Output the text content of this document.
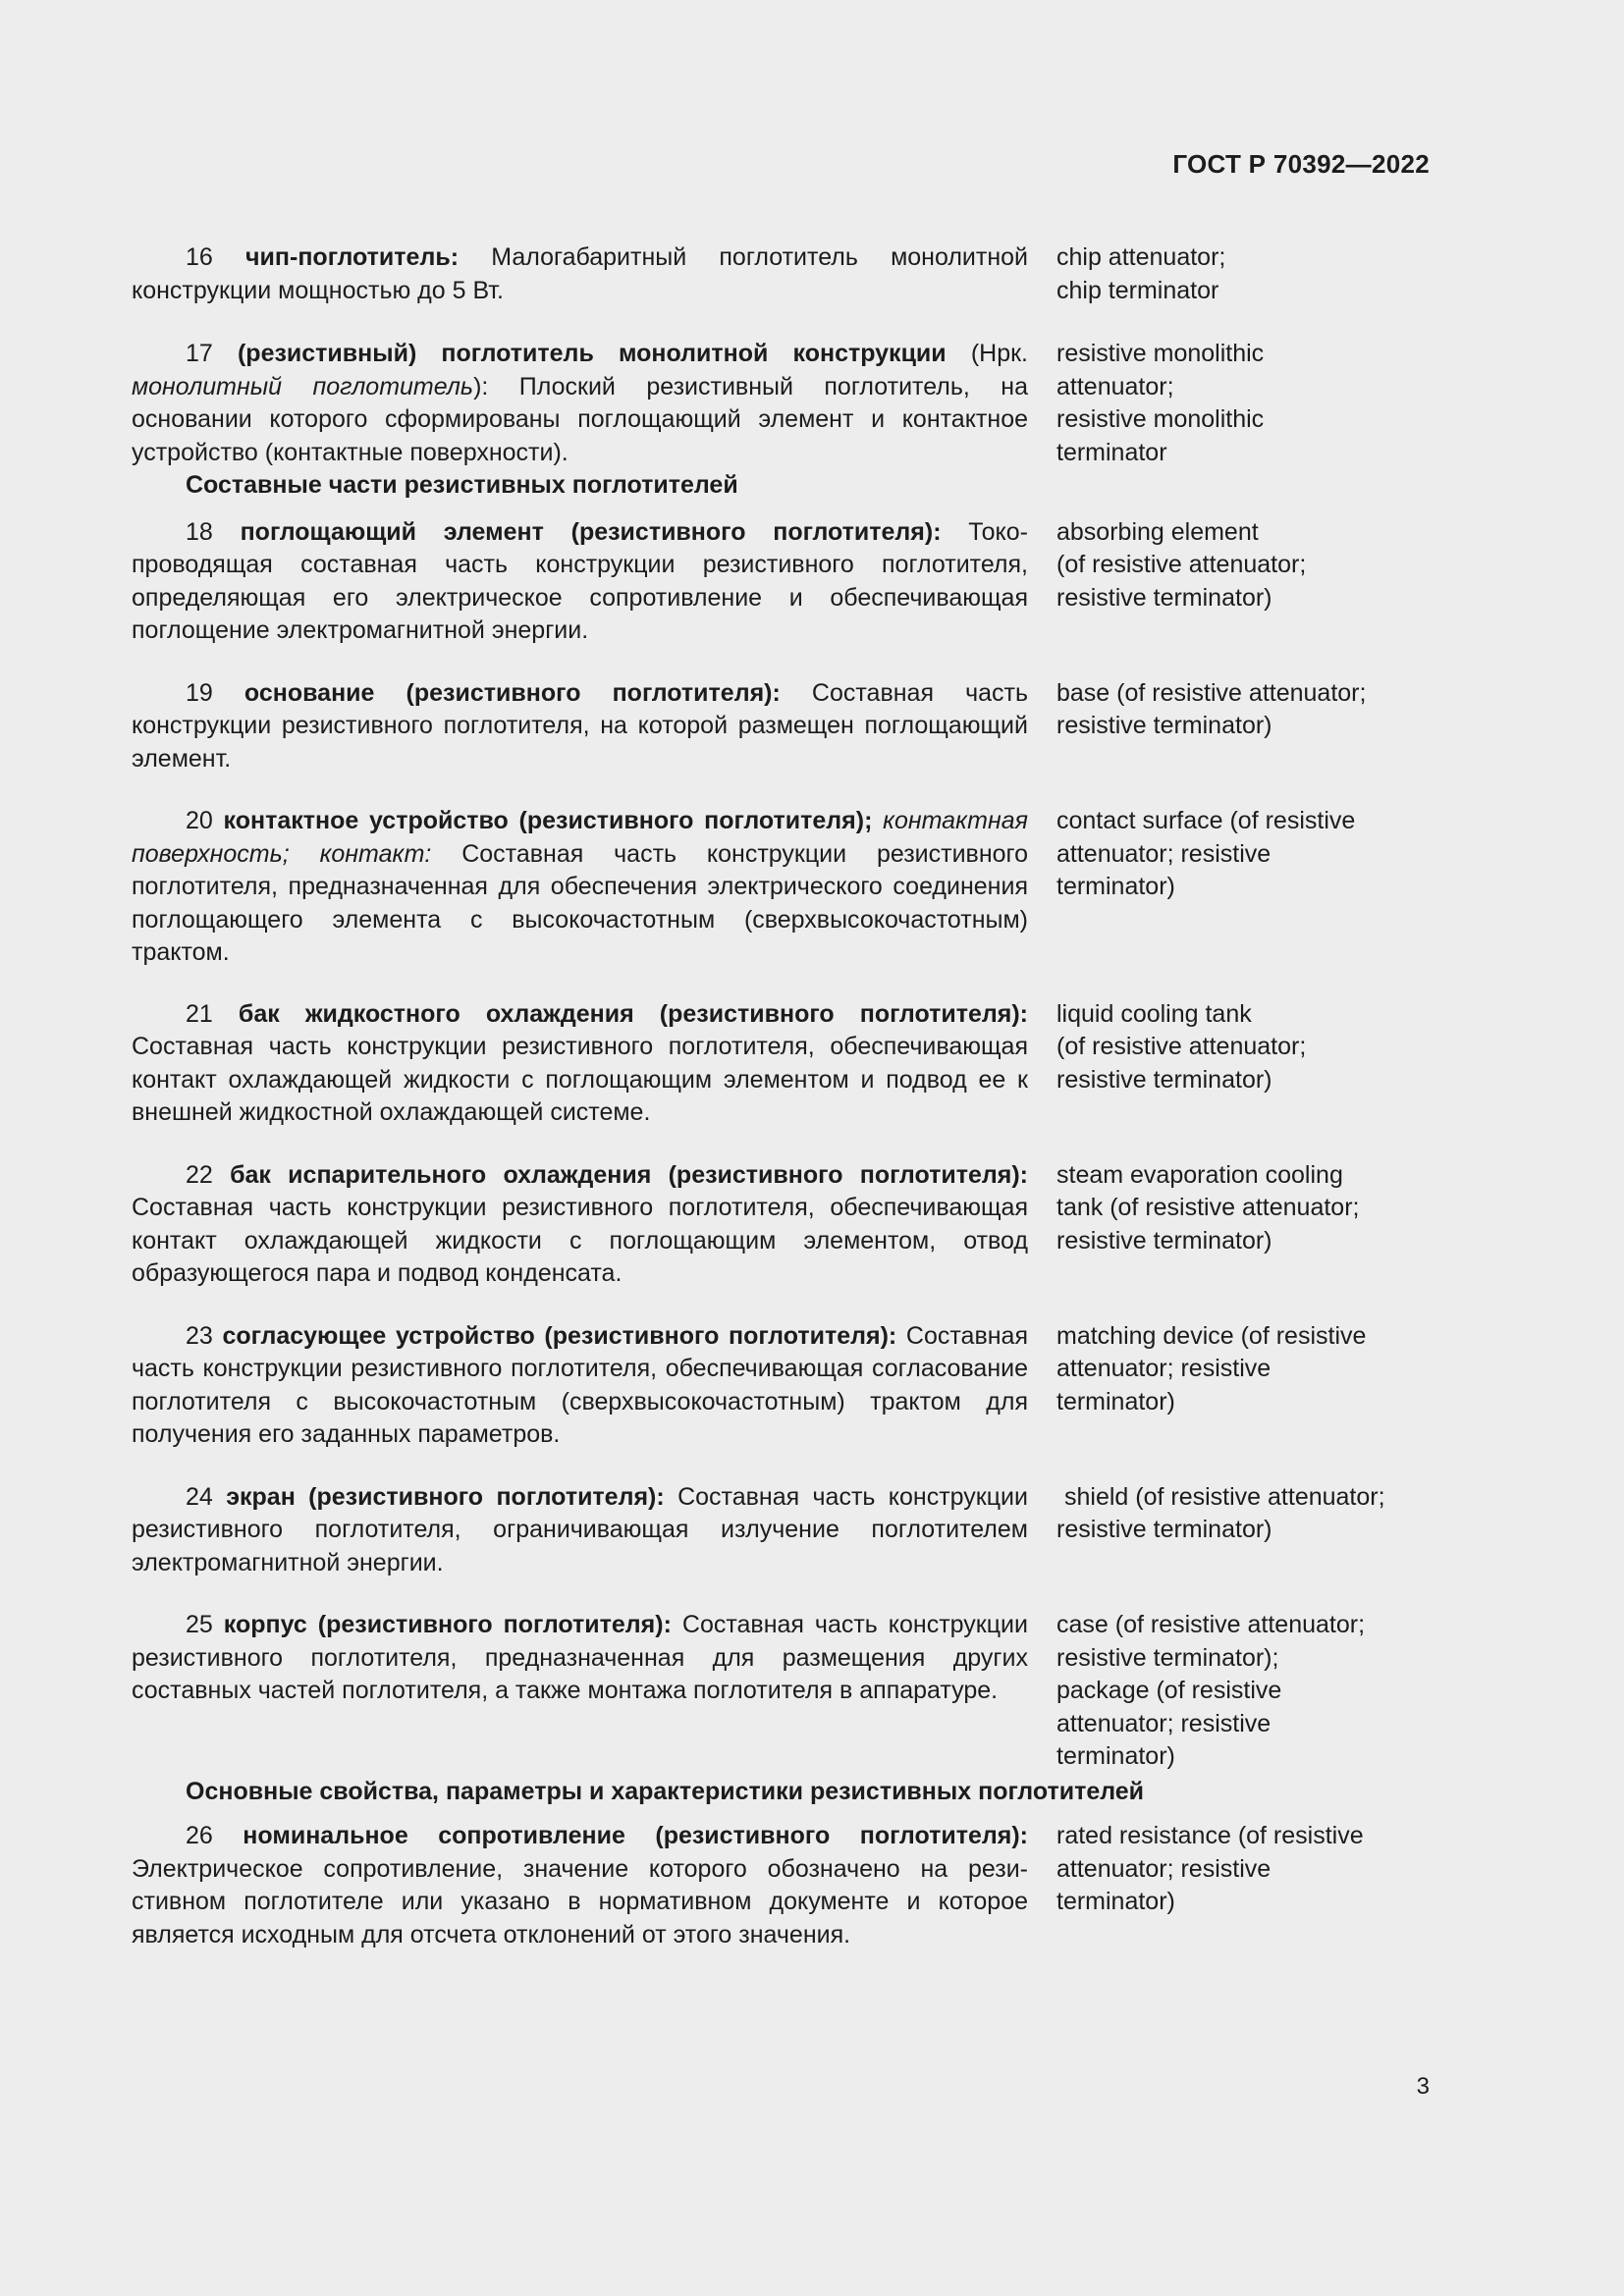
ГОСТ Р 70392—2022
16 чип-поглотитель: Малогабаритный поглотитель монолитной конструкции мощностью до 5 Вт.
chip attenuator;
chip terminator
17 (резистивный) поглотитель монолитной конструкции (Нрк. монолитный поглотитель): Плоский резистивный поглотитель, на основании которого сформированы поглощающий элемент и контактное устройство (контактные поверхности).
resistive monolithic
attenuator;
resistive monolithic
terminator
Составные части резистивных поглотителей
18 поглощающий элемент (резистивного поглотителя): Токопроводящая составная часть конструкции резистивного поглотителя, определяющая его электрическое сопротивление и обеспечивающая поглощение электромагнитной энергии.
absorbing element
(of resistive attenuator;
resistive terminator)
19 основание (резистивного поглотителя): Составная часть конструкции резистивного поглотителя, на которой размещен поглощающий элемент.
base (of resistive attenuator;
resistive terminator)
20 контактное устройство (резистивного поглотителя); контактная поверхность; контакт: Составная часть конструкции резистивного поглотителя, предназначенная для обеспечения электрического соединения поглощающего элемента с высокочастотным (сверхвысокочастотным) трактом.
contact surface (of resistive
attenuator; resistive
terminator)
21 бак жидкостного охлаждения (резистивного поглотителя): Составная часть конструкции резистивного поглотителя, обеспечивающая контакт охлаждающей жидкости с поглощающим элементом и подвод ее к внешней жидкостной охлаждающей системе.
liquid cooling tank
(of resistive attenuator;
resistive terminator)
22 бак испарительного охлаждения (резистивного поглотителя): Составная часть конструкции резистивного поглотителя, обеспечивающая контакт охлаждающей жидкости с поглощающим элементом, отвод образующегося пара и подвод конденсата.
steam evaporation cooling
tank (of resistive attenuator;
resistive terminator)
23 согласующее устройство (резистивного поглотителя): Составная часть конструкции резистивного поглотителя, обеспечивающая согласование поглотителя с высокочастотным (сверхвысокочастотным) трактом для получения его заданных параметров.
matching device (of resistive
attenuator; resistive
terminator)
24 экран (резистивного поглотителя): Составная часть конструкции резистивного поглотителя, ограничивающая излучение поглотителем электромагнитной энергии.
shield (of resistive attenuator;
resistive terminator)
25 корпус (резистивного поглотителя): Составная часть конструкции резистивного поглотителя, предназначенная для размещения других составных частей поглотителя, а также монтажа поглотителя в аппаратуре.
case (of resistive attenuator;
resistive terminator);
package (of resistive
attenuator; resistive
terminator)
Основные свойства, параметры и характеристики резистивных поглотителей
26 номинальное сопротивление (резистивного поглотителя): Электрическое сопротивление, значение которого обозначено на резистивном поглотителе или указано в нормативном документе и которое является исходным для отсчета отклонений от этого значения.
rated resistance (of resistive
attenuator; resistive
terminator)
3
